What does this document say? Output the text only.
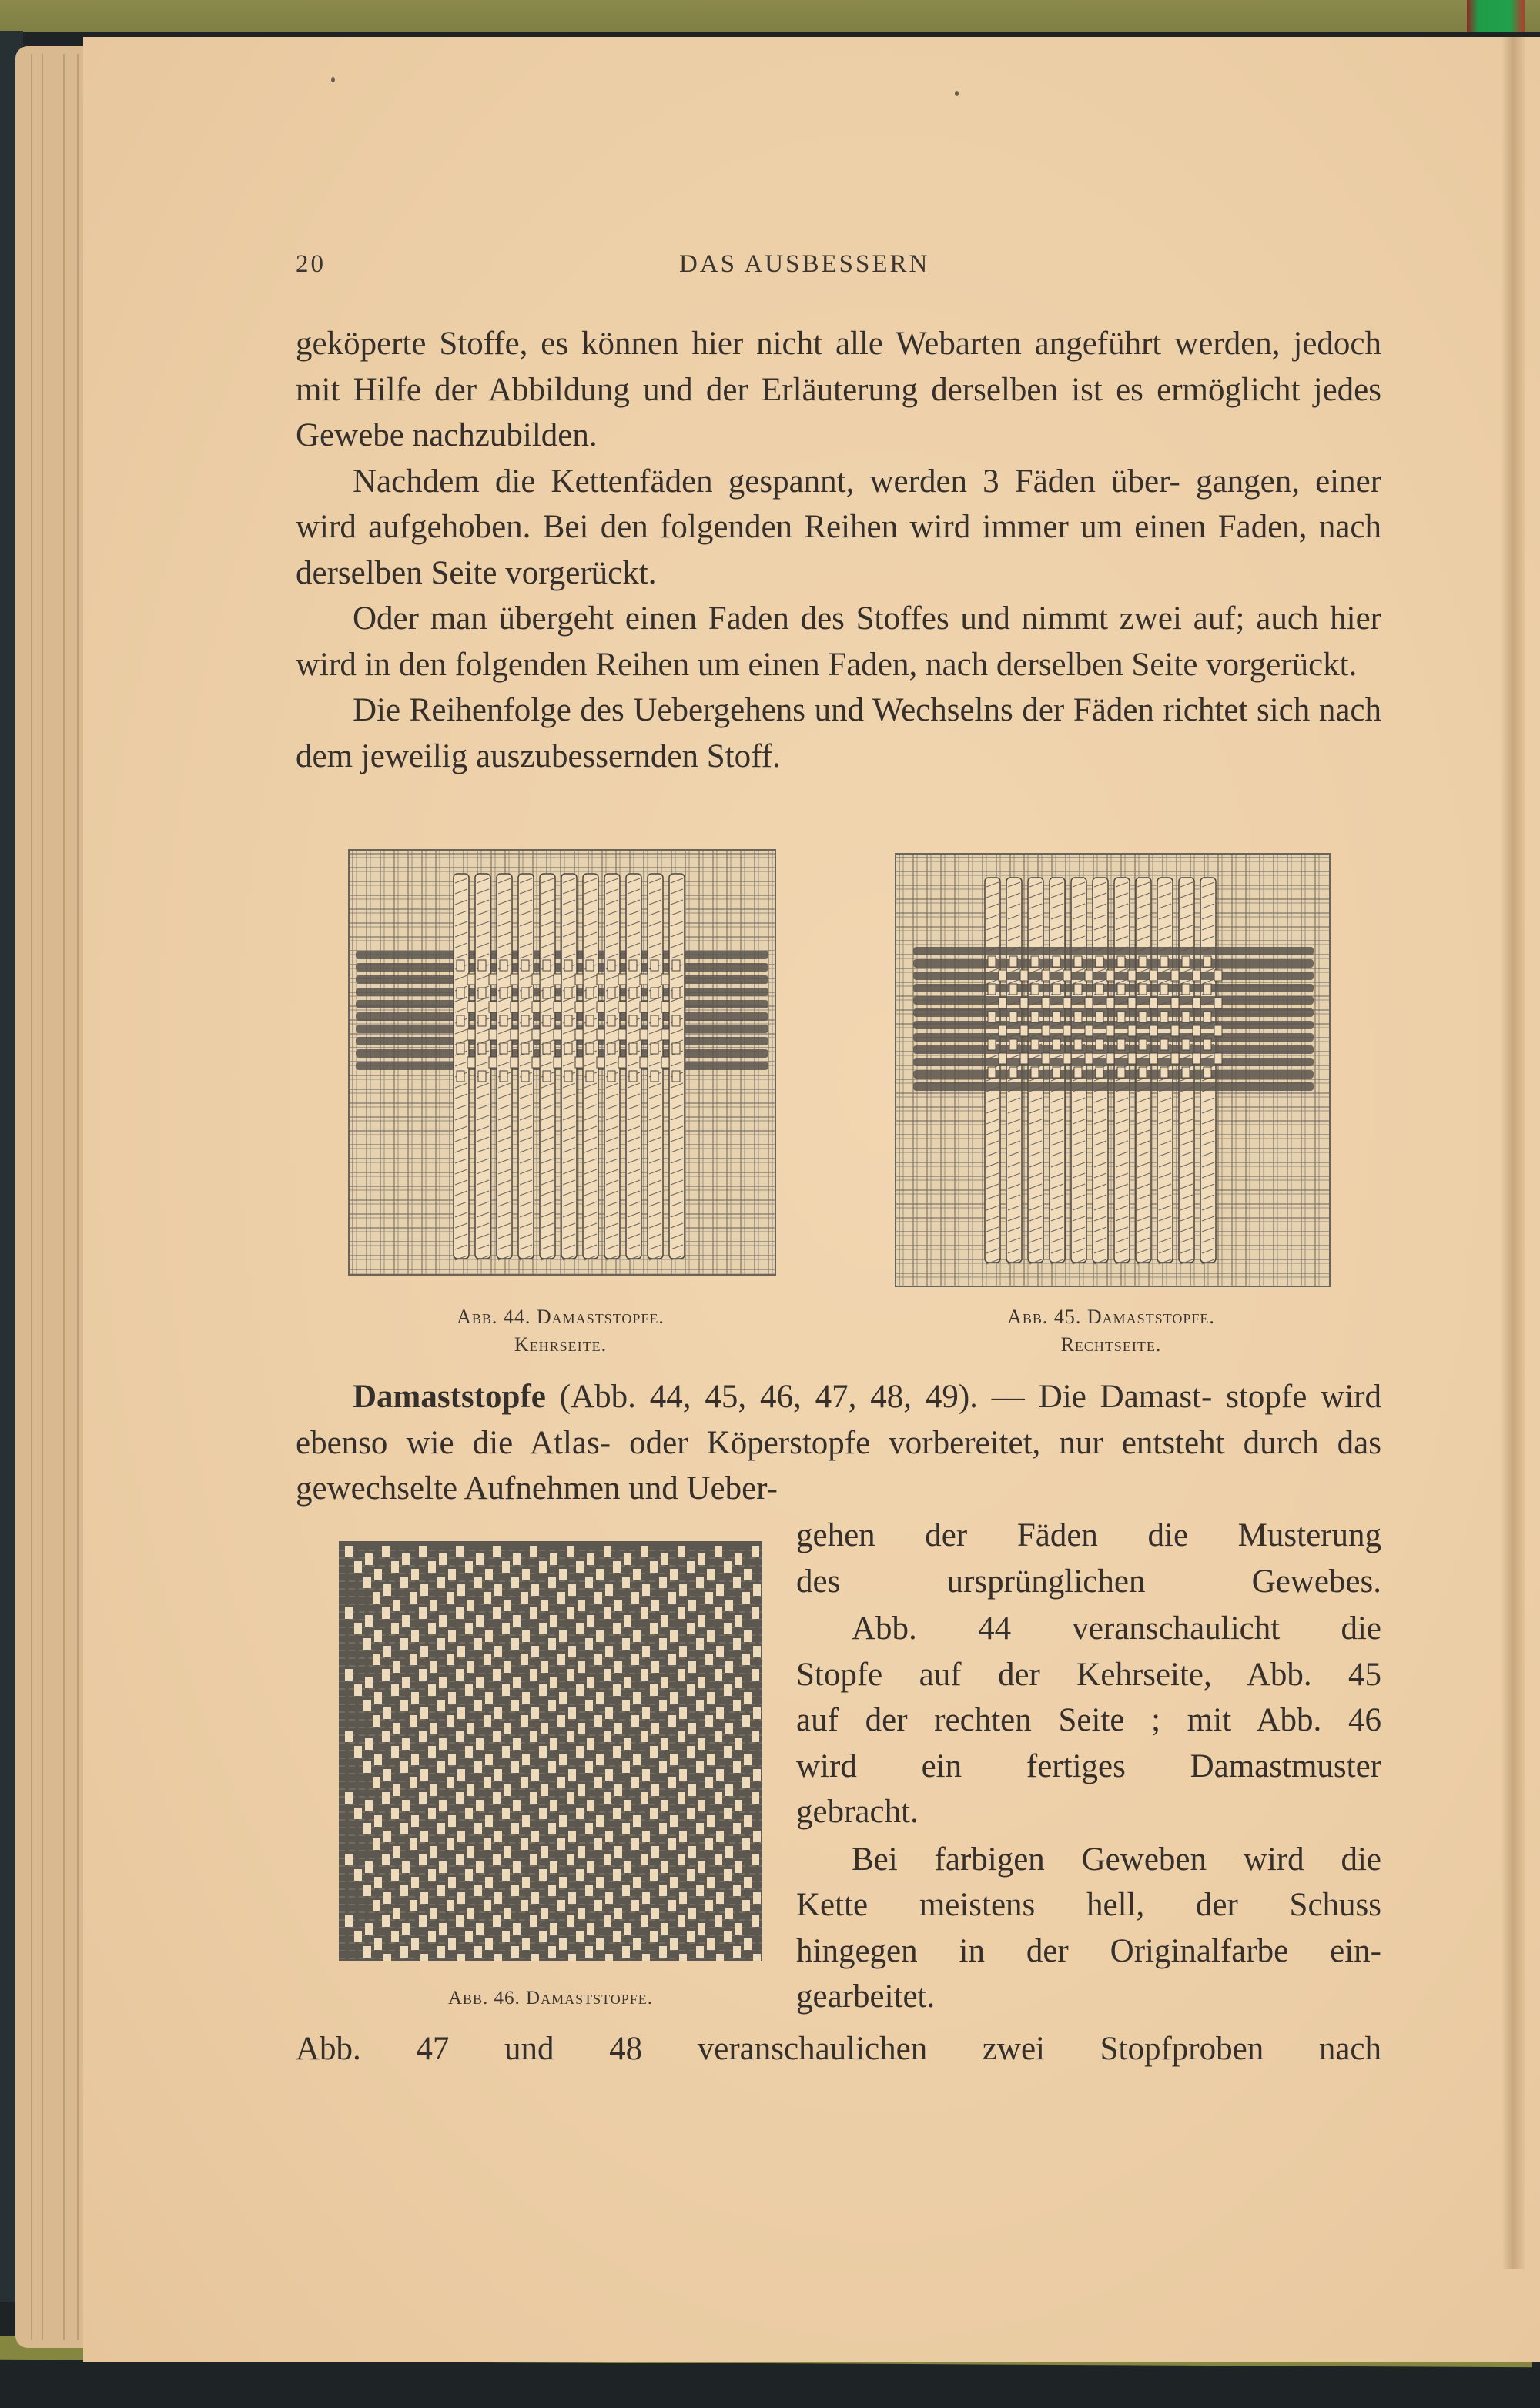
20	DAS AUSBESSERN

geköperte Stoffe, es können hier nicht alle Webarten angeführt werden, jedoch mit Hilfe der Abbildung und der Erläuterung derselben ist es ermöglicht jedes Gewebe nachzubilden.

Nachdem die Kettenfäden gespannt, werden 3 Fäden über- gangen, einer wird aufgehoben. Bei den folgenden Reihen wird immer um einen Faden, nach derselben Seite vorgerückt.

Oder man übergeht einen Faden des Stoffes und nimmt zwei auf; auch hier wird in den folgenden Reihen um einen Faden, nach derselben Seite vorgerückt.

Die Reihenfolge des Uebergehens und Wechselns der Fäden richtet sich nach dem jeweilig auszubessernden Stoff.

Abb. 44. Damaststopfe.
Kehrseite.
Abb. 45. Damaststopfe.
Rechtseite.

Damaststopfe (Abb. 44, 45, 46, 47, 48, 49). — Die Damast- stopfe wird ebenso wie die Atlas- oder Köperstopfe vorbereitet, nur entsteht durch das gewechselte Aufnehmen und Ueber-

Abb. 46. Damaststopfe.

gehen der Fäden die Musterung
des ursprünglichen Gewebes.

Abb. 44 veranschaulicht die
Stopfe auf der Kehrseite, Abb. 45
auf der rechten Seite ; mit Abb. 46
wird ein fertiges Damastmuster
gebracht.

Bei farbigen Geweben wird die
Kette meistens hell, der Schuss
hingegen in der Originalfarbe ein-
gearbeitet.

Abb. 47 und 48 veranschaulichen zwei Stopfproben nach
